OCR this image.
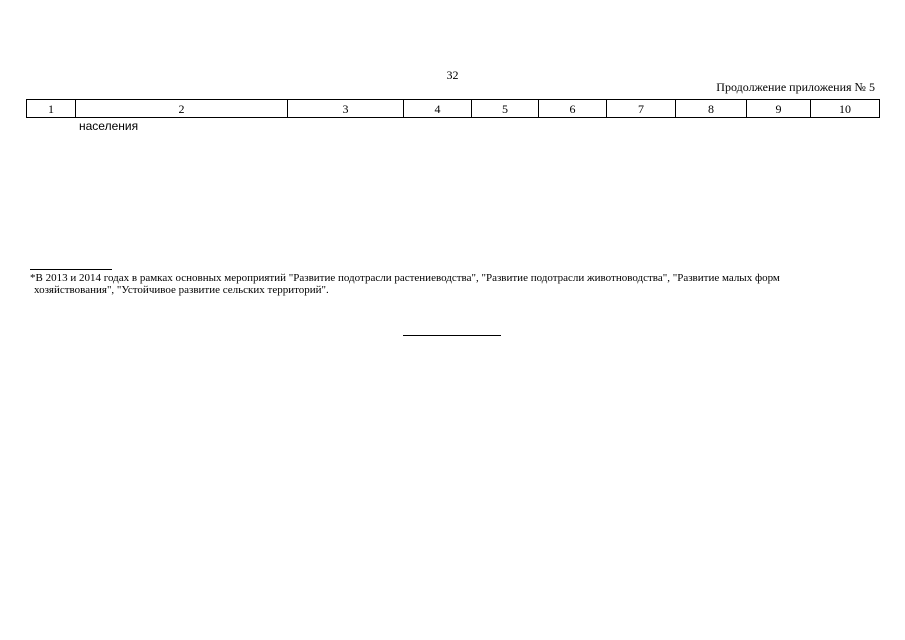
32
Продолжение приложения № 5
1	2	3	4	5	6	7	8	9	10
населения
*В 2013 и 2014 годах в рамках основных мероприятий "Развитие подотрасли растениеводства", "Развитие подотрасли животноводства", "Развитие малых форм
хозяйствования", "Устойчивое развитие сельских территорий".
